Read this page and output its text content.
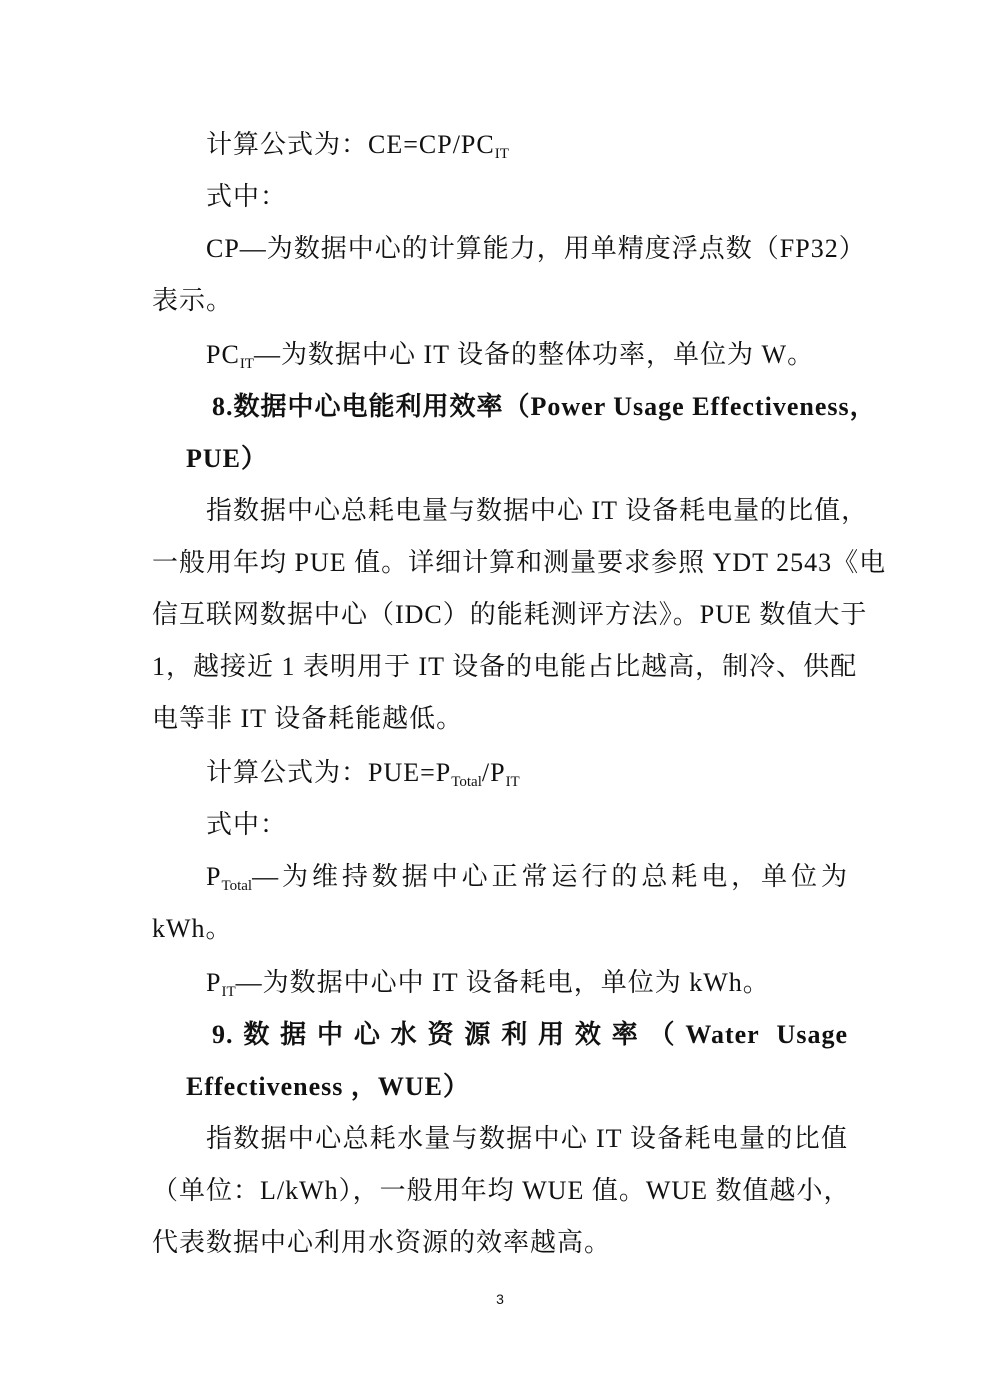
计算公式为：$CE=CP/PC_{IT}$
式中：
CP—为数据中心的计算能力，用单精度浮点数（FP32）
表示。
$PC_{IT}—$为数据中心 IT 设备的整体功率，单位为 W。
8.数据中心电能利用效率（Power Usage Effectiveness，
PUE）
指数据中心总耗电量与数据中心 IT 设备耗电量的比值，
一般用年均 PUE 值。详细计算和测量要求参照 YDT 2543《电
信互联网数据中心（IDC）的能耗测评方法》。PUE 数值大于
1，越接近 1 表明用于 IT 设备的电能占比越高，制冷、供配
电等非 IT 设备耗能越低。
计算公式为：$PUE=P_{Total}/P_{IT}$
式中：
$P_{Total}—$为维持数据中心正常运行的总耗电，单位为
kWh。
$P_{IT}—$为数据中心中 IT 设备耗电，单位为 kWh。
9.数据中心水资源利用效率（Water Usage
Effectiveness ，WUE）
指数据中心总耗水量与数据中心 IT 设备耗电量的比值
（单位：L/kWh），一般用年均 WUE 值。WUE 数值越小，
代表数据中心利用水资源的效率越高。
3
